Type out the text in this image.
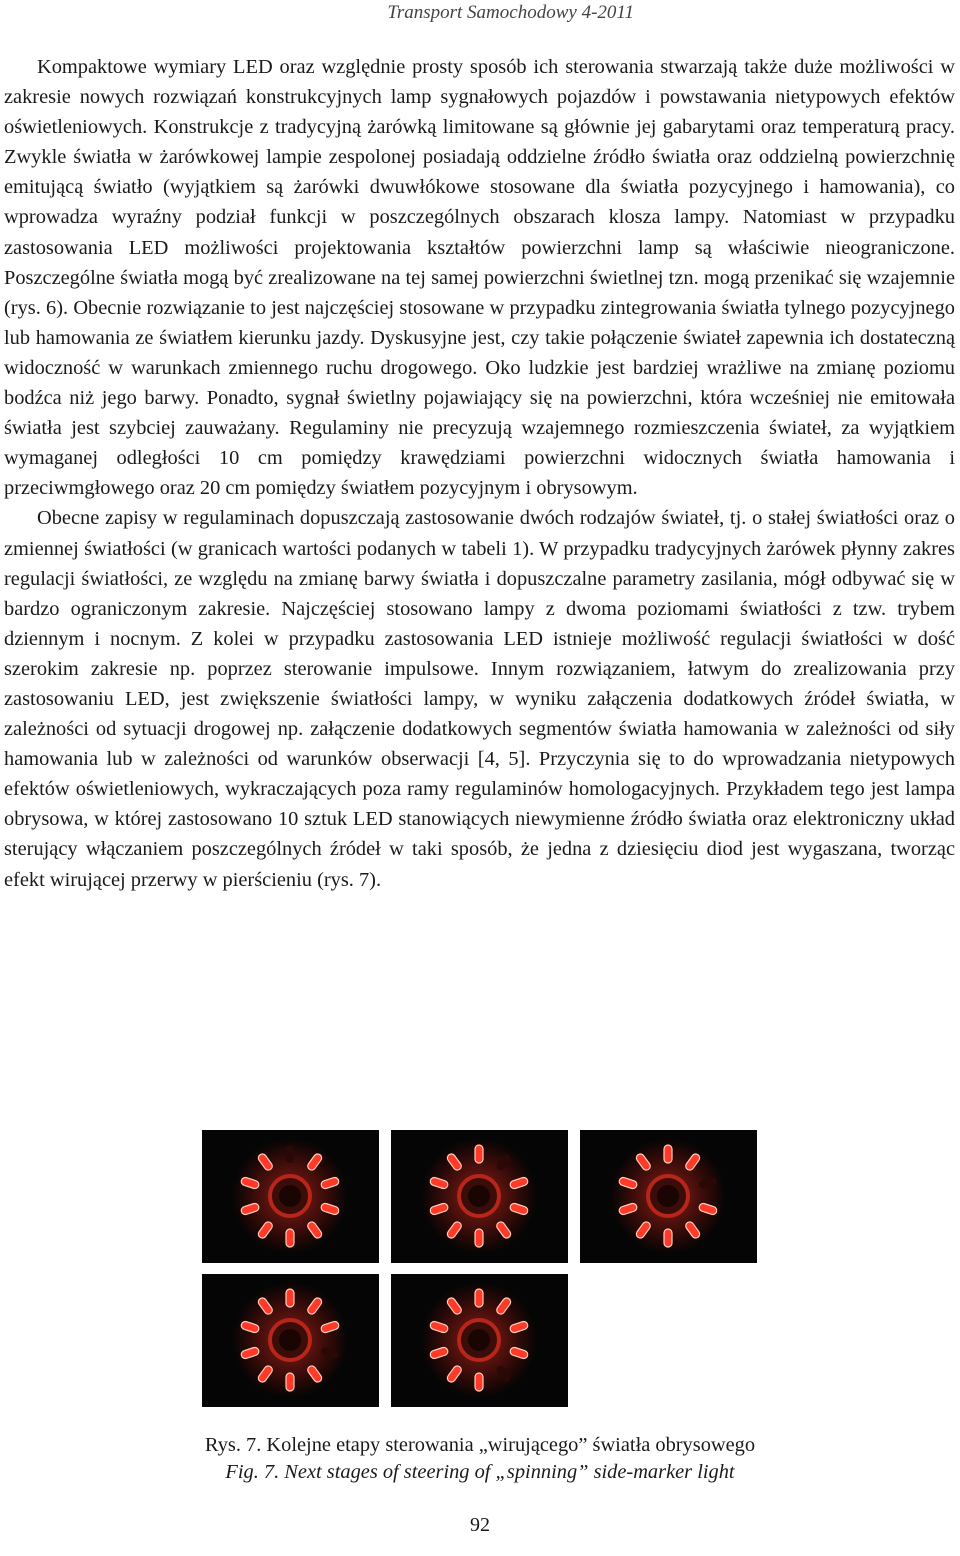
Transport Samochodowy 4-2011

Kompaktowe wymiary LED oraz względnie prosty sposób ich sterowania stwarzają także duże możliwości w zakresie nowych rozwiązań konstrukcyjnych lamp sygnałowych pojazdów i powstawania nietypowych efektów oświetleniowych. Konstrukcje z tradycyjną żarówką limitowane są głównie jej gabarytami oraz temperaturą pracy. Zwykle światła w żarówkowej lampie zespolonej posiadają oddzielne źródło światła oraz oddzielną powierzchnię emitującą światło (wyjątkiem są żarówki dwuwłókowe stosowane dla światła pozycyjnego i hamowania), co wprowadza wyraźny podział funkcji w poszczególnych obszarach klosza lampy. Natomiast w przypadku zastosowania LED możliwości projektowania kształtów powierzchni lamp są właściwie nieograniczone. Poszczególne światła mogą być zrealizowane na tej samej powierzchni świetlnej tzn. mogą przenikać się wzajemnie (rys. 6). Obecnie rozwiązanie to jest najczęściej stosowane w przypadku zintegrowania światła tylnego pozycyjnego lub hamowania ze światłem kierunku jazdy. Dyskusyjne jest, czy takie połączenie świateł zapewnia ich dostateczną widoczność w warunkach zmiennego ruchu drogowego. Oko ludzkie jest bardziej wrażliwe na zmianę poziomu bodźca niż jego barwy. Ponadto, sygnał świetlny pojawiający się na powierzchni, która wcześniej nie emitowała światła jest szybciej zauważany. Regulaminy nie precyzują wzajemnego rozmieszczenia świateł, za wyjątkiem wymaganej odległości 10 cm pomiędzy krawędziami powierzchni widocznych światła hamowania i przeciwmgłowego oraz 20 cm pomiędzy światłem pozycyjnym i obrysowym.

Obecne zapisy w regulaminach dopuszczają zastosowanie dwóch rodzajów świateł, tj. o stałej światłości oraz o zmiennej światłości (w granicach wartości podanych w tabeli 1). W przypadku tradycyjnych żarówek płynny zakres regulacji światłości, ze względu na zmianę barwy światła i dopuszczalne parametry zasilania, mógł odbywać się w bardzo ograniczonym zakresie. Najczęściej stosowano lampy z dwoma poziomami światłości z tzw. trybem dziennym i nocnym. Z kolei w przypadku zastosowania LED istnieje możliwość regulacji światłości w dość szerokim zakresie np. poprzez sterowanie impulsowe. Innym rozwiązaniem, łatwym do zrealizowania przy zastosowaniu LED, jest zwiększenie światłości lampy, w wyniku załączenia dodatkowych źródeł światła, w zależności od sytuacji drogowej np. załączenie dodatkowych segmentów światła hamowania w zależności od siły hamowania lub w zależności od warunków obserwacji [4, 5]. Przyczynia się to do wprowadzania nietypowych efektów oświetleniowych, wykraczających poza ramy regulaminów homologacyjnych. Przykładem tego jest lampa obrysowa, w której zastosowano 10 sztuk LED stanowiących niewymienne źródło światła oraz elektroniczny układ sterujący włączaniem poszczególnych źródeł w taki sposób, że jedna z dziesięciu diod jest wygaszana, tworząc efekt wirującej przerwy w pierścieniu (rys. 7).

Rys. 7. Kolejne etapy sterowania „wirującego” światła obrysowego
Fig. 7. Next stages of steering of „spinning” side-marker light
92
